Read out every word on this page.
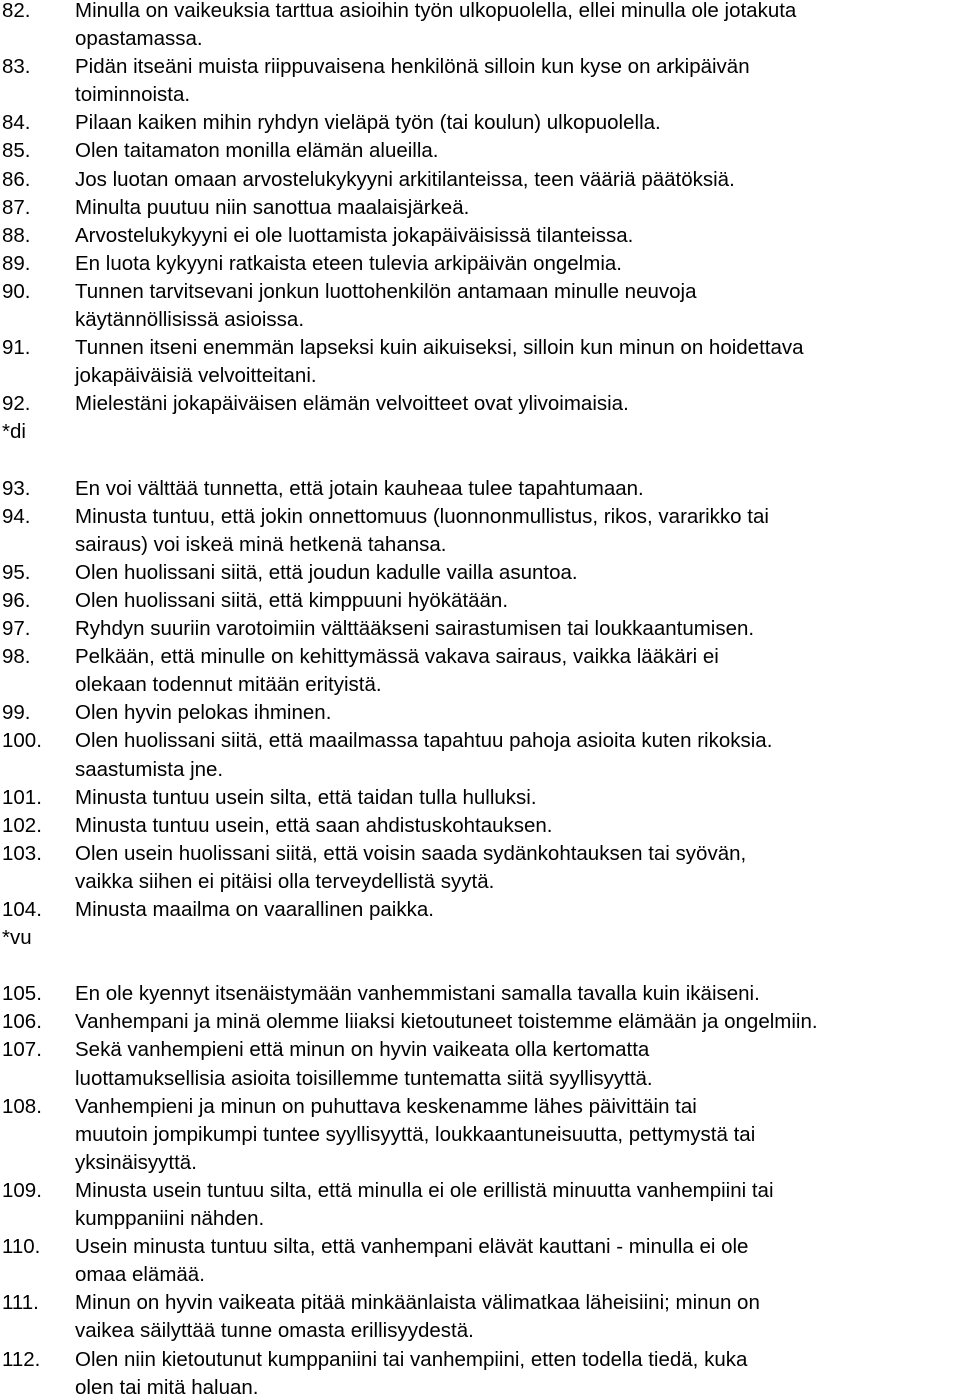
82.	Minulla on vaikeuksia tarttua asioihin työn ulkopuolella, ellei minulla ole jotakuta
opastamassa.
83.	Pidän itseäni muista riippuvaisena henkilönä silloin kun kyse on arkipäivän
toiminnoista.
84.	Pilaan kaiken mihin ryhdyn vieläpä työn (tai koulun) ulkopuolella.
85.	Olen taitamaton monilla elämän alueilla.
86.	Jos luotan omaan arvostelukykyyni arkitilanteissa, teen vääriä päätöksiä.
87.	Minulta puutuu niin sanottua maalaisjärkeä.
88.	Arvostelukykyyni ei ole luottamista jokapäiväisissä tilanteissa.
89.	En luota kykyyni ratkaista eteen tulevia arkipäivän ongelmia.
90.	Tunnen tarvitsevani jonkun luottohenkilön antamaan minulle neuvoja
käytännöllisissä asioissa.
91.	Tunnen itseni enemmän lapseksi kuin aikuiseksi, silloin kun minun on hoidettava
jokapäiväisiä velvoitteitani.
92.	Mielestäni jokapäiväisen elämän velvoitteet ovat ylivoimaisia.
*di
93.	En voi välttää tunnetta, että jotain kauheaa tulee tapahtumaan.
94.	Minusta tuntuu, että jokin onnettomuus (luonnonmullistus, rikos, vararikko tai
sairaus) voi iskeä minä hetkenä tahansa.
95.	Olen huolissani siitä, että joudun kadulle vailla asuntoa.
96.	Olen huolissani siitä, että kimppuuni hyökätään.
97.	Ryhdyn suuriin varotoimiin välttääkseni sairastumisen tai loukkaantumisen.
98.	Pelkään, että minulle on kehittymässä vakava sairaus, vaikka lääkäri ei
olekaan todennut mitään erityistä.
99.	Olen hyvin pelokas ihminen.
100.	Olen huolissani siitä, että maailmassa tapahtuu pahoja asioita kuten rikoksia.
saastumista jne.
101.	Minusta tuntuu usein silta, että taidan tulla hulluksi.
102.	Minusta tuntuu usein, että saan ahdistuskohtauksen.
103.	Olen usein huolissani siitä, että voisin saada sydänkohtauksen tai syövän,
vaikka siihen ei pitäisi olla terveydellistä syytä.
104.	Minusta maailma on vaarallinen paikka.
*vu
105.	En ole kyennyt itsenäistymään vanhemmistani samalla tavalla kuin ikäiseni.
106.	Vanhempani ja minä olemme liiaksi kietoutuneet toistemme elämään ja ongelmiin.
107.	Sekä vanhempieni että minun on hyvin vaikeata olla kertomatta
luottamuksellisia asioita toisillemme tuntematta siitä syyllisyyttä.
108.	Vanhempieni ja minun on puhuttava keskenamme lähes päivittäin tai
muutoin jompikumpi tuntee syyllisyyttä, loukkaantuneisuutta, pettymystä tai
yksinäisyyttä.
109.	Minusta usein tuntuu silta, että minulla ei ole erillistä minuutta vanhempiini tai
kumppaniini nähden.
110.	Usein minusta tuntuu silta, että vanhempani elävät kauttani - minulla ei ole
omaa elämää.
111.	Minun on hyvin vaikeata pitää minkäänlaista välimatkaa läheisiini; minun on
vaikea säilyttää tunne omasta erillisyydestä.
112.	Olen niin kietoutunut kumppaniini tai vanhempiini, etten todella tiedä, kuka
olen tai mitä haluan.
